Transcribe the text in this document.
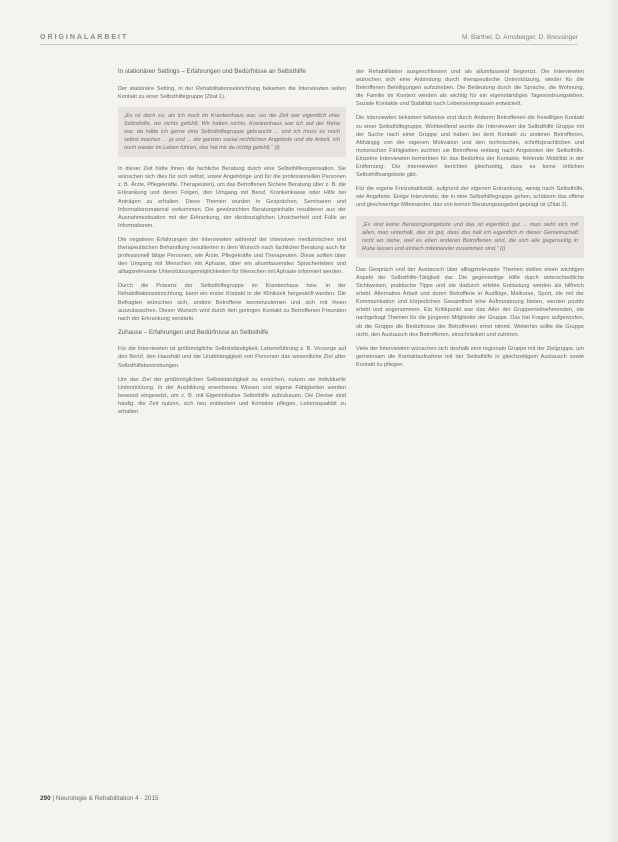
ORIGINALARBEIT	M. Barthel, D. Arnsberger, D. Bressinger
In stationären Settings – Erfahrungen und Bedürfnisse an Selbsthilfe

Der stationäre Setting, in der Rehabilitationseinrichtung bekamen die Interviewten selten Kontakt zu einer Selbsthilfegruppe (Zitat 1).

„Es ist doch so, als ich noch im Krankenhaus war, wo die Zeit war eigentlich eher Selbsthilfe, wo nichts gefühlt. Wir hatten nichts, Krankenhaus war ich auf der Reha war, da hätte ich gerne eine Selbsthilfegruppe gebraucht ... und ich muss es noch selbst machen ... ja und ... die ganzen sozial rechtlichen Angebote und die Arbeit, ich noch wieder im Leben führen, das hat mir da richtig gefehlt.“ (I)

In dieser Zeit hätte ihnen die fachliche Beratung durch eine Selbsthilfeorganisation. Sie wünschen sich dies für sich selbst, sowie Angehörige und für die professionellen Personen z. B. Ärzte, Pflegekräfte, Therapeuten), um das Betroffenen Sichere Beratung über z. B. die Erkrankung und deren Folgen, den Umgang mit Beruf, Krankenkasse oder Hilfe bei Anträgen zu erhalten. Diese Themen wurden in Gesprächen, Seminaren und Informationsmaterial vorkommen. Die gewünschten Beratungsinhalte resultieren aus der Ausnahmesituation mit der Erkrankung, der diesbezüglichen Unsicherheit und Fülle an Informationen.

Die negativen Erfahrungen der Interviewten während der intensiven medizinischen und therapeutischen Behandlung resultierten in dem Wunsch nach fachlicher Beratung auch für professionell tätige Personen, wie Ärzte, Pflegekräfte und Therapeuten. Diese sollten über den Umgang mit Menschen mit Aphasie, über ein allumfassendes Spracherleben und alltagsrelevante Unterstützungsmöglichkeiten für Menschen mit Aphasie informiert werden.

Durch die Präsenz der Selbsthilfegruppe im Krankenhaus bzw. in der Rehabilitationseinrichtung, kann ein erster Kontakt in die Klinikzeit hergestellt werden. Die Befragten wünschen sich, andere Betroffene kennenzulernen und sich mit ihnen auszutauschen. Dieser Wunsch wird durch den geringen Kontakt zu Betroffenen Freunden nach der Erkrankung verstärkt.

Zuhause – Erfahrungen und Bedürfnisse an Selbsthilfe

Für die Interviewten ist größtmögliche Selbstständigkeit, Lebensführung z. B. Vorsorge auf den Beruf, den Haushalt und die Unabhängigkeit von Personen das wesentliche Ziel after Selbsthilfebestrebungen.

Um das Ziel der größtmöglichen Selbstständigkeit zu erreichen, nutzen sie individuelle Unterstützung. In der Ausbildung erworbenes Wissen und eigene Fähigkeiten werden bewusst eingesetzt, um z. B. mit Eigeninitiative Selbsthilfe aufzubauen. Die Devise sind häufig: die Zeit nutzen, sich neu entdecken und Kontakte pflegen, Lebensqualität zu erhalten.

der Rehabilitation ausgeschlossen und als allumfassend begrenzt. Die Interviewten wünschen sich eine Anbindung durch therapeutische Unterstützung, wieder für die Betroffenen Beteiligungen aufzuheben. Die Bedeutung durch die Sprache, die Wohnung, die Familie im Kontext werden als wichtig für ein eigenständiges Tagesordnungsleben, Soziale Kontakte und Stabilität nach Lebensereignissen entwickelt.

Die Interviewten bekamen teilweise erst durch Anderen Betroffenen die freiwilligen Kontakt zu einer Selbsthilfegruppe. Wohlwollend wurde die Interviewten die Selbsthilfe Gruppe mit der Suche nach einer Gruppe und haben bei dem Kontakt zu anderen Betroffenen, Abhängig von der eigenen Motivation und den technischen, schriftsprachlichen und motorischen Fähigkeiten suchten sie Betroffene entlang nach Angeboten der Selbsthilfe. Einzelne Interviewten bemerkten für das Bedürfnis der Kontakte, fehlende Mobilität in der Entfernung. Die Interviewten berichten gleichzeitig, dass es keine örtlichen Selbsthilfeangebote gibt.

Für die eigene Freizeitaktivität, aufgrund der eigenen Erkrankung, wenig nach Selbsthilfe, wie Angebote. Einige Interviewte, die in eine Selbsthilfegruppe gehen, schätzen das offene und gleichwertige Miteinander, das von keinen Beratungsangebot geprägt ist (Zitat 2).

„Es sind keine Beratungsangebote und das ist eigentlich gut ... man sieht sich mit allen, man unterhält, das ist gut, dass das halt ich eigentlich in dieser Gemeinschaft nicht wo stehe, weil es eben anderen Betroffenen sind, die sich alle gegenseitig in Ruhe lassen und einfach miteinander zusammen sind.“ (I)

Das Gespräch und der Austausch über alltagsrelevante Themen stellen einen wichtigen Aspekt der Selbsthilfe-Tätigkeit dar. Die gegenseitige Hilfe durch unterschiedliche Sichtweisen, praktische Tipps und die dadurch erlebte Entlastung werden als hilfreich erlebt. Alternative Arbeit und deren Betroffene in Ausflüge, Malkurse, Sport, die mit der Kommunikation und körperlichen Gesamtheit eine Aufmunterung bieten, werden positiv erlebt und angenommen. Ein Kritikpunkt war das Alter der Gruppenteilnehmenden, die nachgefragt Themen für die jüngeren Mitglieder der Gruppe. Das hat Fragen aufgeworfen, ob die Gruppe die Bedürfnisse der Betroffenen ernst nimmt. Weiterhin sollte die Gruppe nicht, den Austausch des Betroffenen, einschränken und zuhören.

Viele der Interviewten wünschen sich deshalb eine regionale Gruppe mit der Zielgruppe, um gemeinsam die Kontaktaufnahme mit der Selbsthilfe in gleichzeitigem Austausch sowie Kontakt zu pflegen.

290 | Neurologie & Rehabilitation 4 · 2015
